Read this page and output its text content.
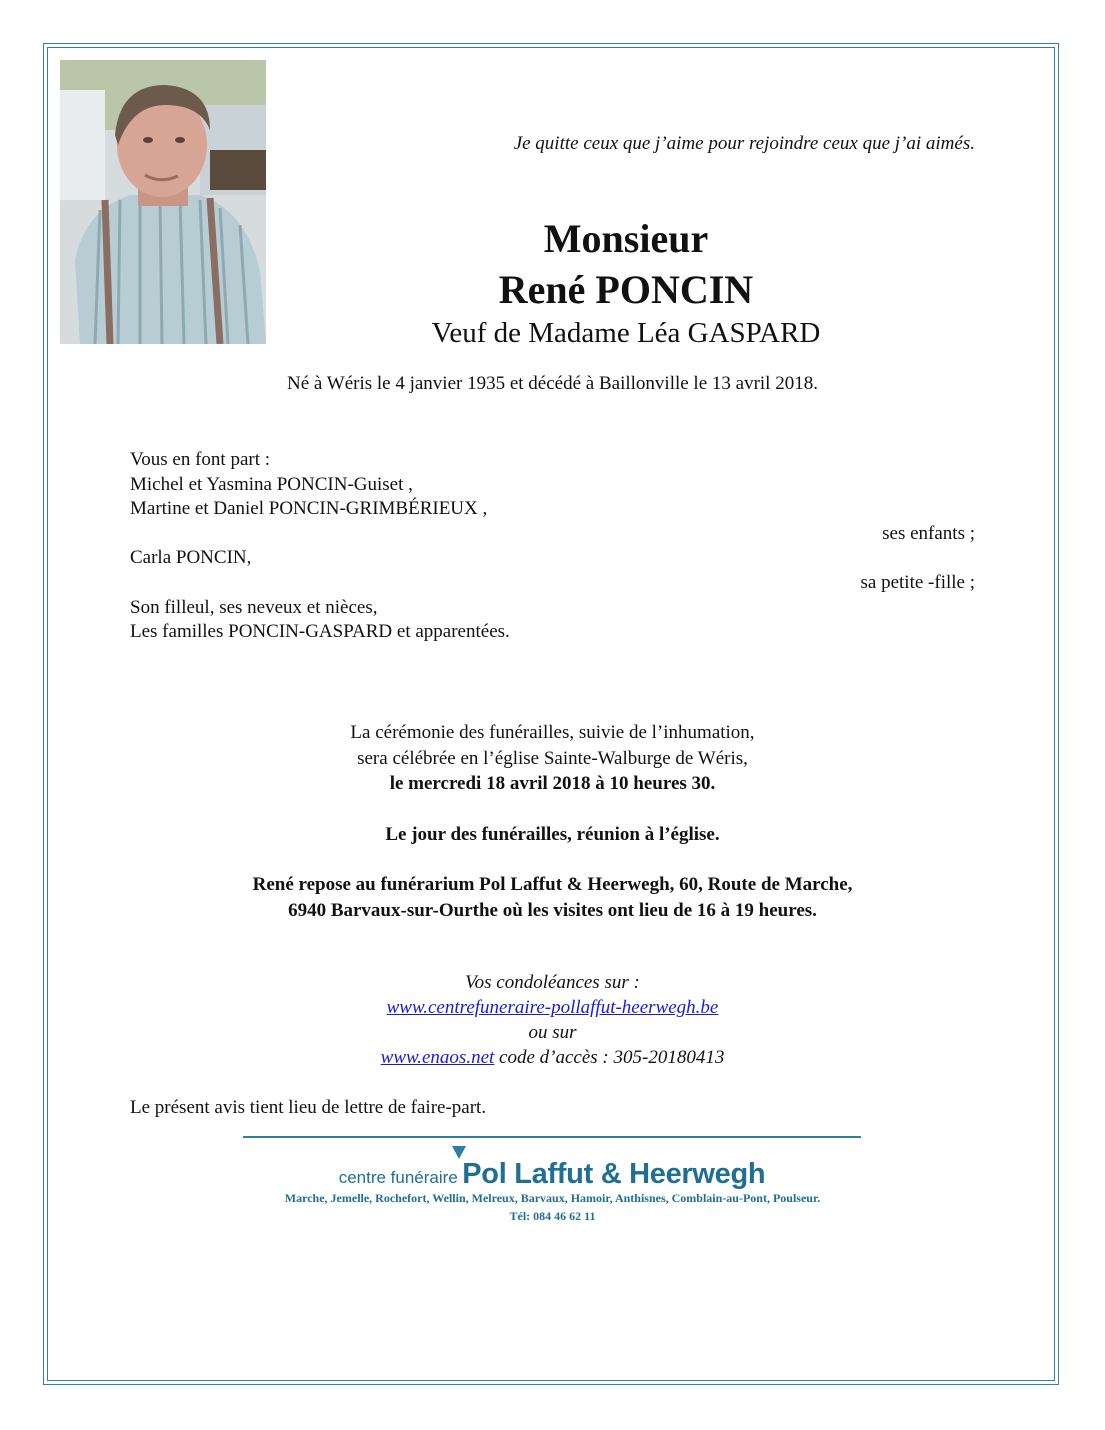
Je quitte ceux que j’aime pour rejoindre ceux que j’ai aimés.
Monsieur
René PONCIN
Veuf de Madame Léa GASPARD
Né à Wéris le 4 janvier 1935 et décédé à Baillonville le 13 avril 2018.
Vous en font part :
Michel et Yasmina PONCIN-Guiset ,
Martine et Daniel PONCIN-GRIMBÉRIEUX ,
ses enfants ;
Carla PONCIN,
sa petite -fille ;
Son filleul, ses neveux et nièces,
Les familles PONCIN-GASPARD et apparentées.
La cérémonie des funérailles, suivie de l’inhumation,
sera célébrée en l’église Sainte-Walburge de Wéris,
le mercredi 18 avril 2018 à 10 heures 30.
Le jour des funérailles, réunion à l’église.
René repose au funérarium Pol Laffut & Heerwegh, 60, Route de Marche,
6940 Barvaux-sur-Ourthe où les visites ont lieu de 16 à 19 heures.
Vos condoléances sur :
www.centrefuneraire-pollaffut-heerwegh.be
ou sur
www.enaos.net code d’accès : 305-20180413
Le présent avis tient lieu de lettre de faire-part.
centre funéraire Pol Laffut & Heerwegh
Marche, Jemelle, Rochefort, Wellin, Melreux, Barvaux, Hamoir, Anthisnes, Comblain-au-Pont, Poulseur.
Tél: 084 46 62 11
